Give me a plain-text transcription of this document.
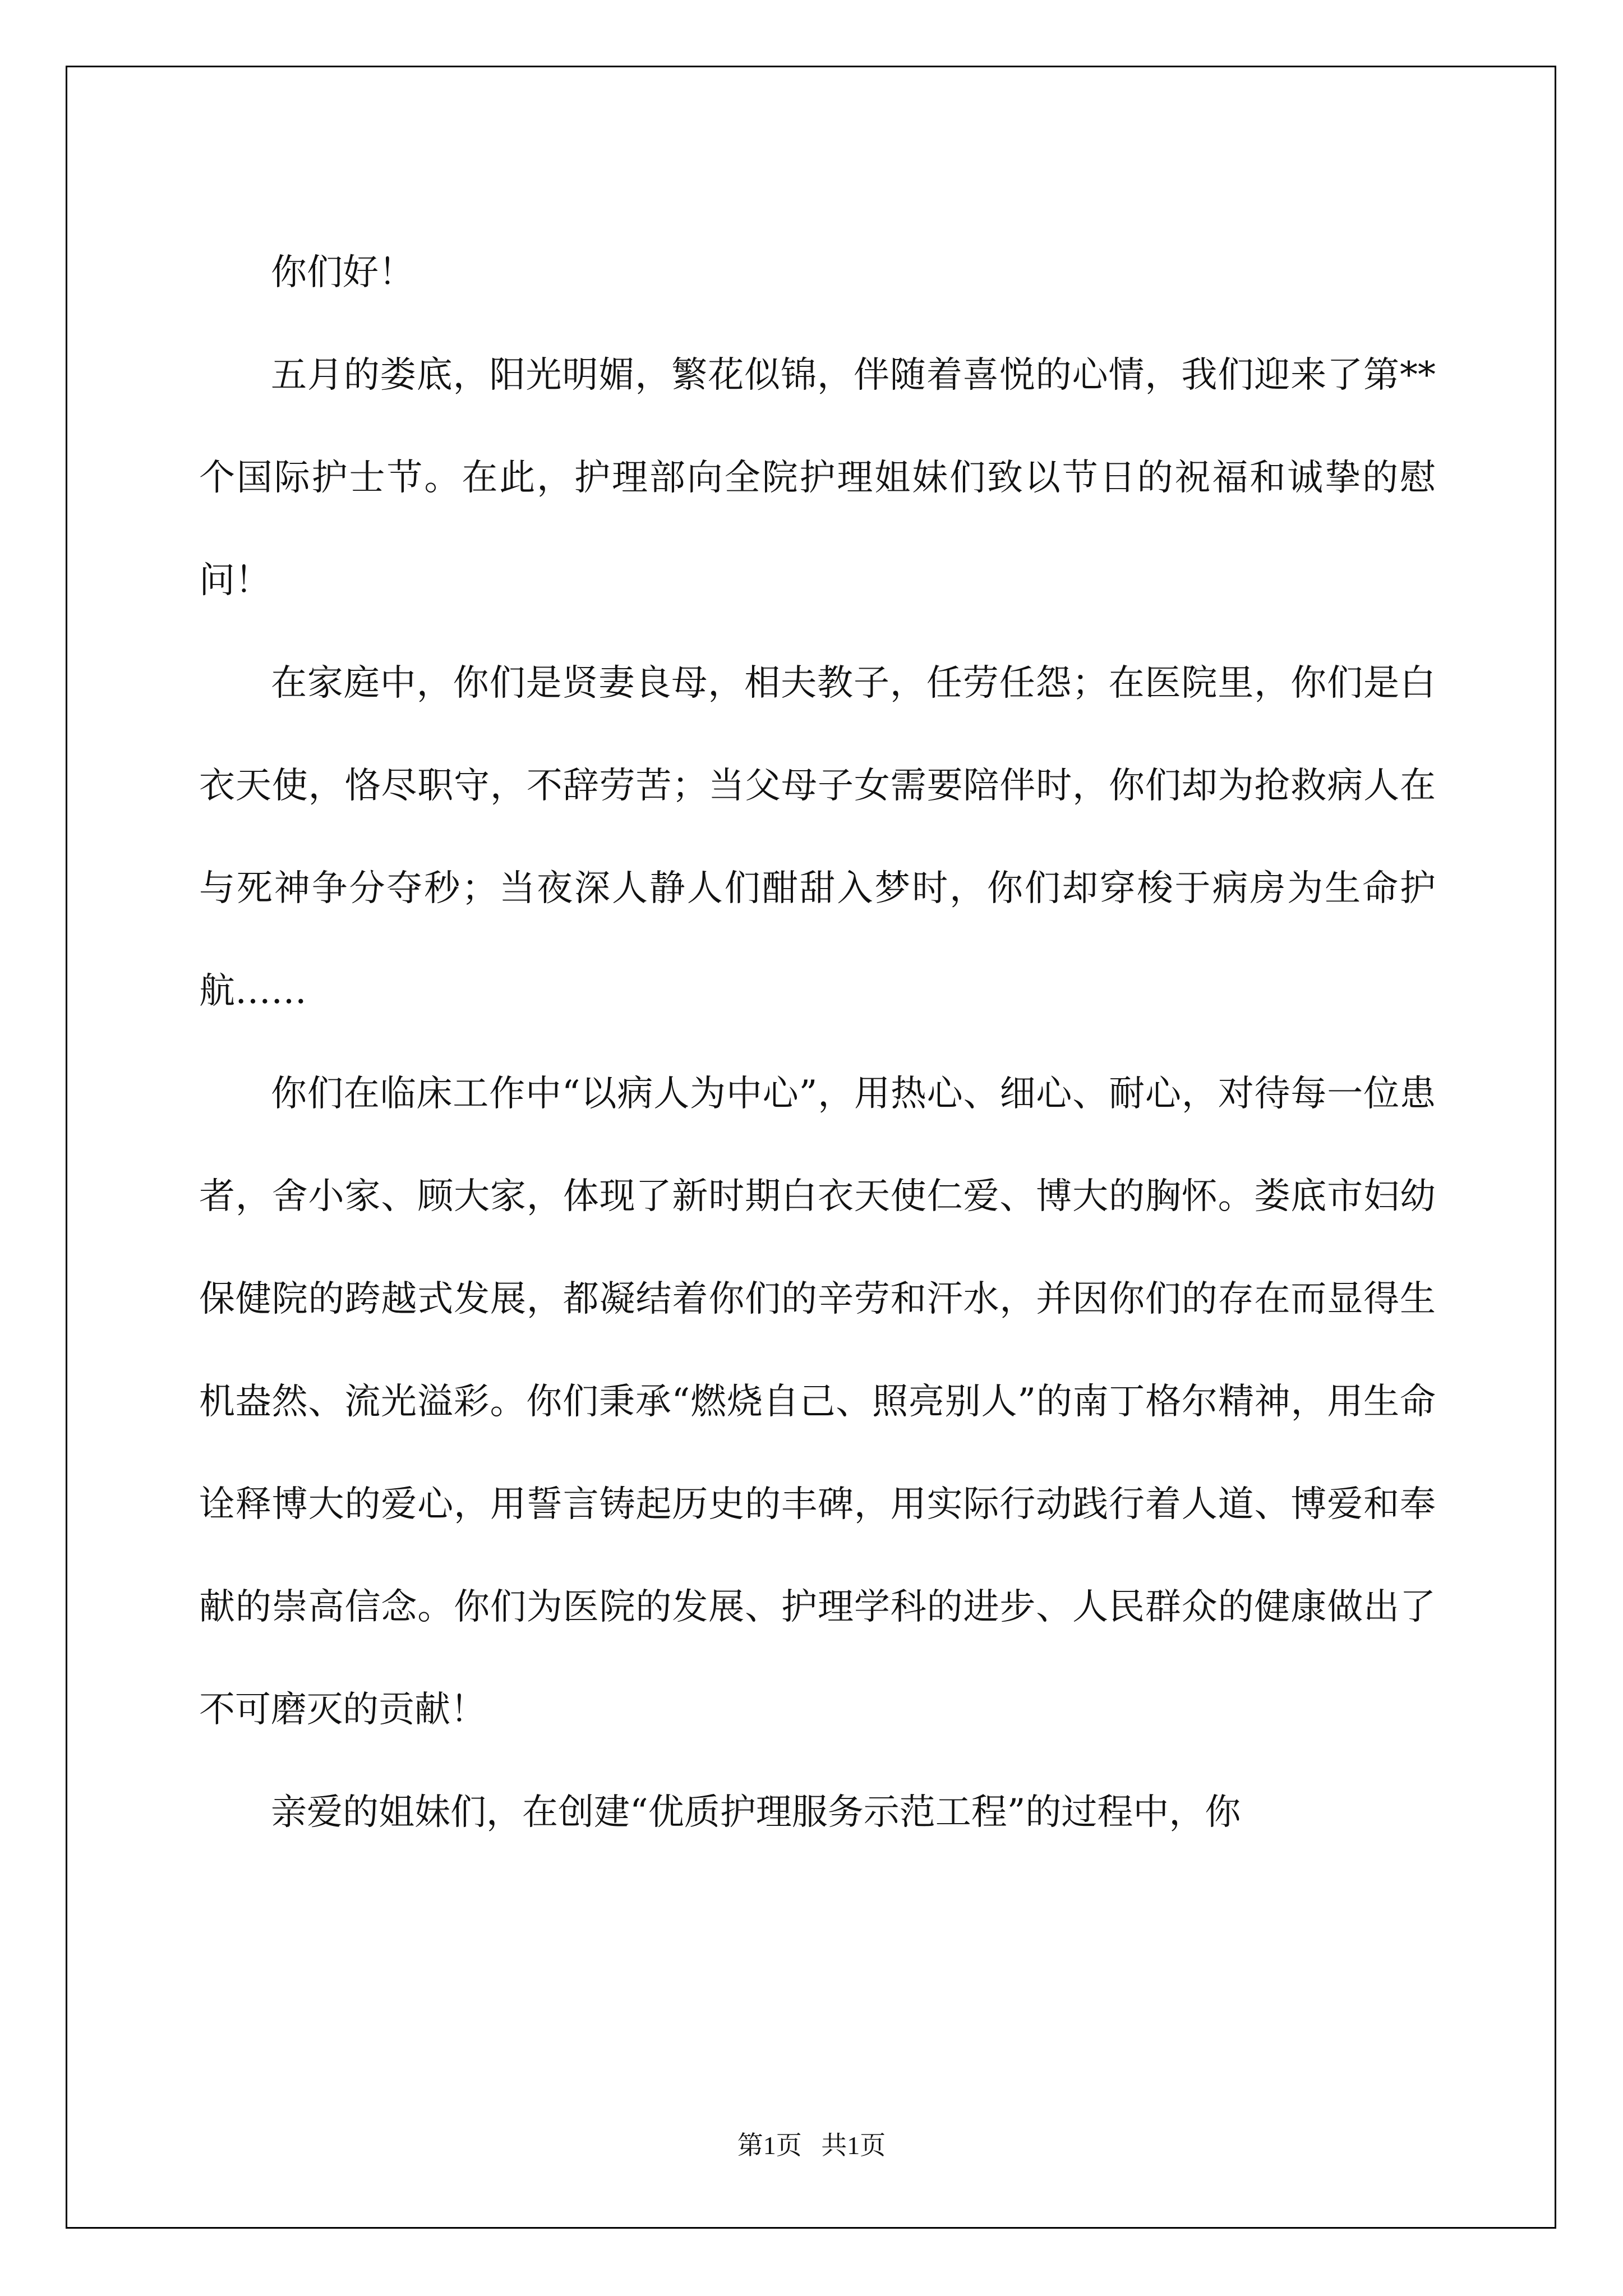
你们好！

五月的娄底，阳光明媚，繁花似锦，伴随着喜悦的心情，我们迎来了第**个国际护士节。在此，护理部向全院护理姐妹们致以节日的祝福和诚挚的慰问！

在家庭中，你们是贤妻良母，相夫教子，任劳任怨；在医院里，你们是白衣天使，恪尽职守，不辞劳苦；当父母子女需要陪伴时，你们却为抢救病人在与死神争分夺秒；当夜深人静人们酣甜入梦时，你们却穿梭于病房为生命护航……

你们在临床工作中“以病人为中心”，用热心、细心、耐心，对待每一位患者，舍小家、顾大家，体现了新时期白衣天使仁爱、博大的胸怀。娄底市妇幼保健院的跨越式发展，都凝结着你们的辛劳和汗水，并因你们的存在而显得生机盎然、流光溢彩。你们秉承“燃烧自己、照亮别人”的南丁格尔精神，用生命诠释博大的爱心，用誓言铸起历史的丰碑，用实际行动践行着人道、博爱和奉献的崇高信念。你们为医院的发展、护理学科的进步、人民群众的健康做出了不可磨灭的贡献！

亲爱的姐妹们，在创建“优质护理服务示范工程”的过程中，你

第1页   共1页
